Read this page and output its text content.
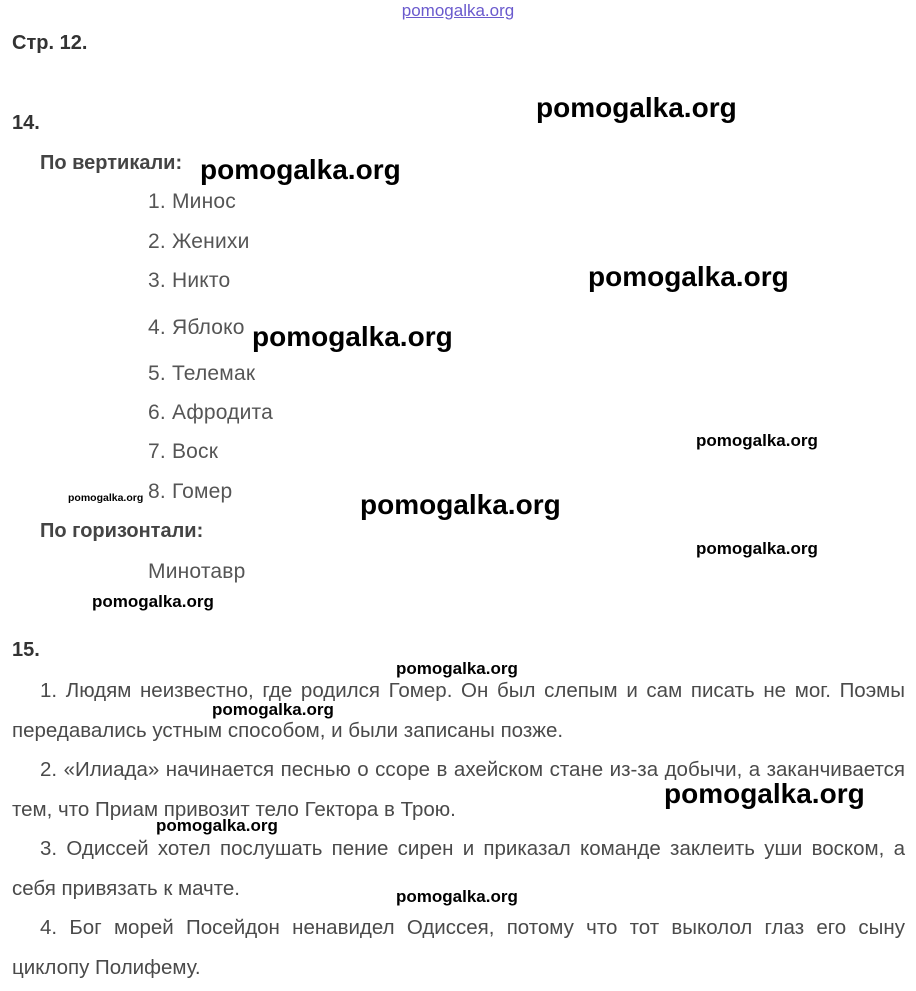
pomogalka.org
Стр. 12.
14.
По вертикали:
1. Минос
2. Женихи
3. Никто
4. Яблоко
5. Телемак
6. Афродита
7. Воск
8. Гомер
По горизонтали:
Минотавр
15.
1. Людям неизвестно, где родился Гомер. Он был слепым и сам писать не мог. Поэмы передавались устным способом, и были записаны позже.
2. «Илиада» начинается песнью о ссоре в ахейском стане из-за добычи, а заканчивается тем, что Приам привозит тело Гектора в Трою.
3. Одиссей хотел послушать пение сирен и приказал команде заклеить уши воском, а себя привязать к мачте.
4. Бог морей Посейдон ненавидел Одиссея, потому что тот выколол глаз его сыну циклопу Полифему.
pomogalka.org
pomogalka.org
pomogalka.org
pomogalka.org
pomogalka.org
pomogalka.org	pomogalka.org
pomogalka.org
pomogalka.org
pomogalka.org
pomogalka.org
pomogalka.org
pomogalka.org
pomogalka.org
